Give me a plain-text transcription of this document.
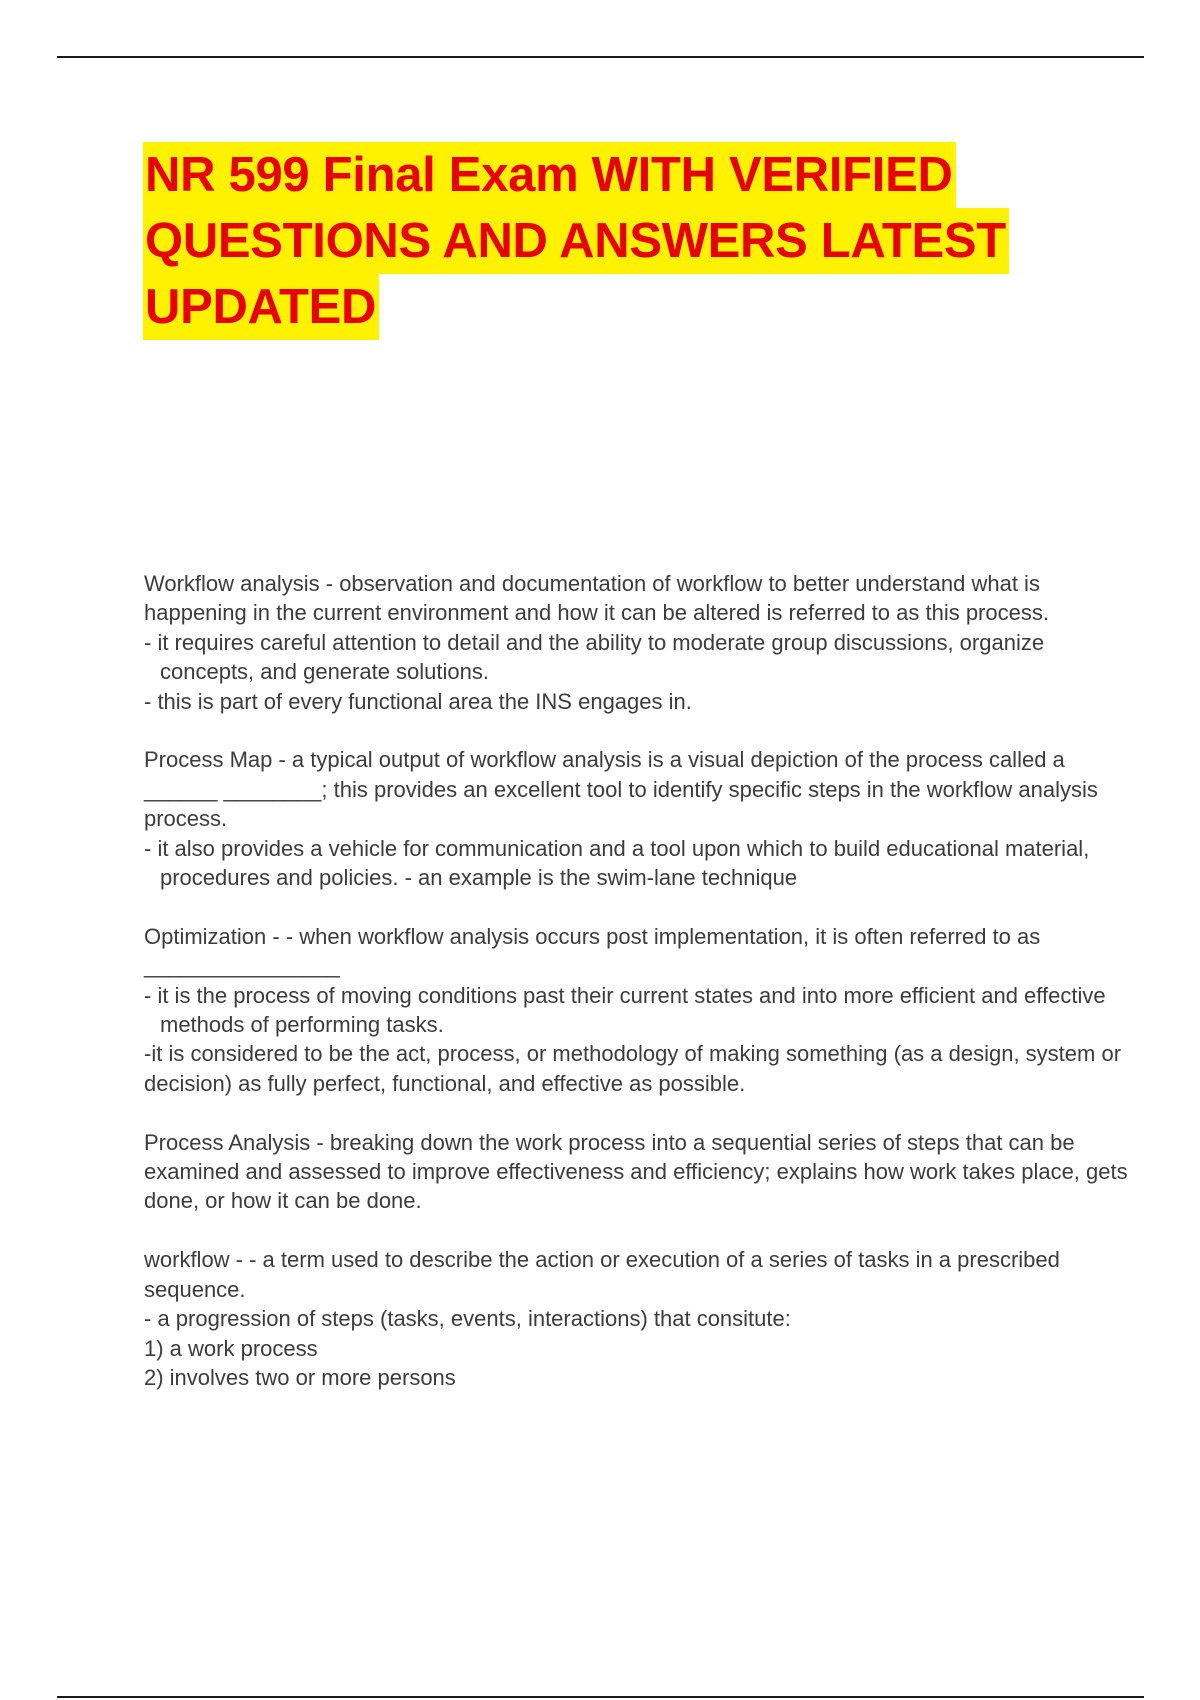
NR 599 Final Exam WITH VERIFIED
QUESTIONS AND ANSWERS LATEST
UPDATED

Workflow analysis - observation and documentation of workflow to better understand what is happening in the current environment and how it can be altered is referred to as this process.

- it requires careful attention to detail and the ability to moderate group discussions, organize concepts, and generate solutions.

- this is part of every functional area the INS engages in.

Process Map - a typical output of workflow analysis is a visual depiction of the process called a ______ ________; this provides an excellent tool to identify specific steps in the workflow analysis process.

- it also provides a vehicle for communication and a tool upon which to build educational material, procedures and policies. - an example is the swim-lane technique

Optimization - - when workflow analysis occurs post implementation, it is often referred to as ________________

- it is the process of moving conditions past their current states and into more efficient and effective methods of performing tasks.

-it is considered to be the act, process, or methodology of making something (as a design, system or decision) as fully perfect, functional, and effective as possible.

Process Analysis - breaking down the work process into a sequential series of steps that can be examined and assessed to improve effectiveness and efficiency; explains how work takes place, gets done, or how it can be done.

workflow - - a term used to describe the action or execution of a series of tasks in a prescribed sequence.

- a progression of steps (tasks, events, interactions) that consitute:

1) a work process

2) involves two or more persons
